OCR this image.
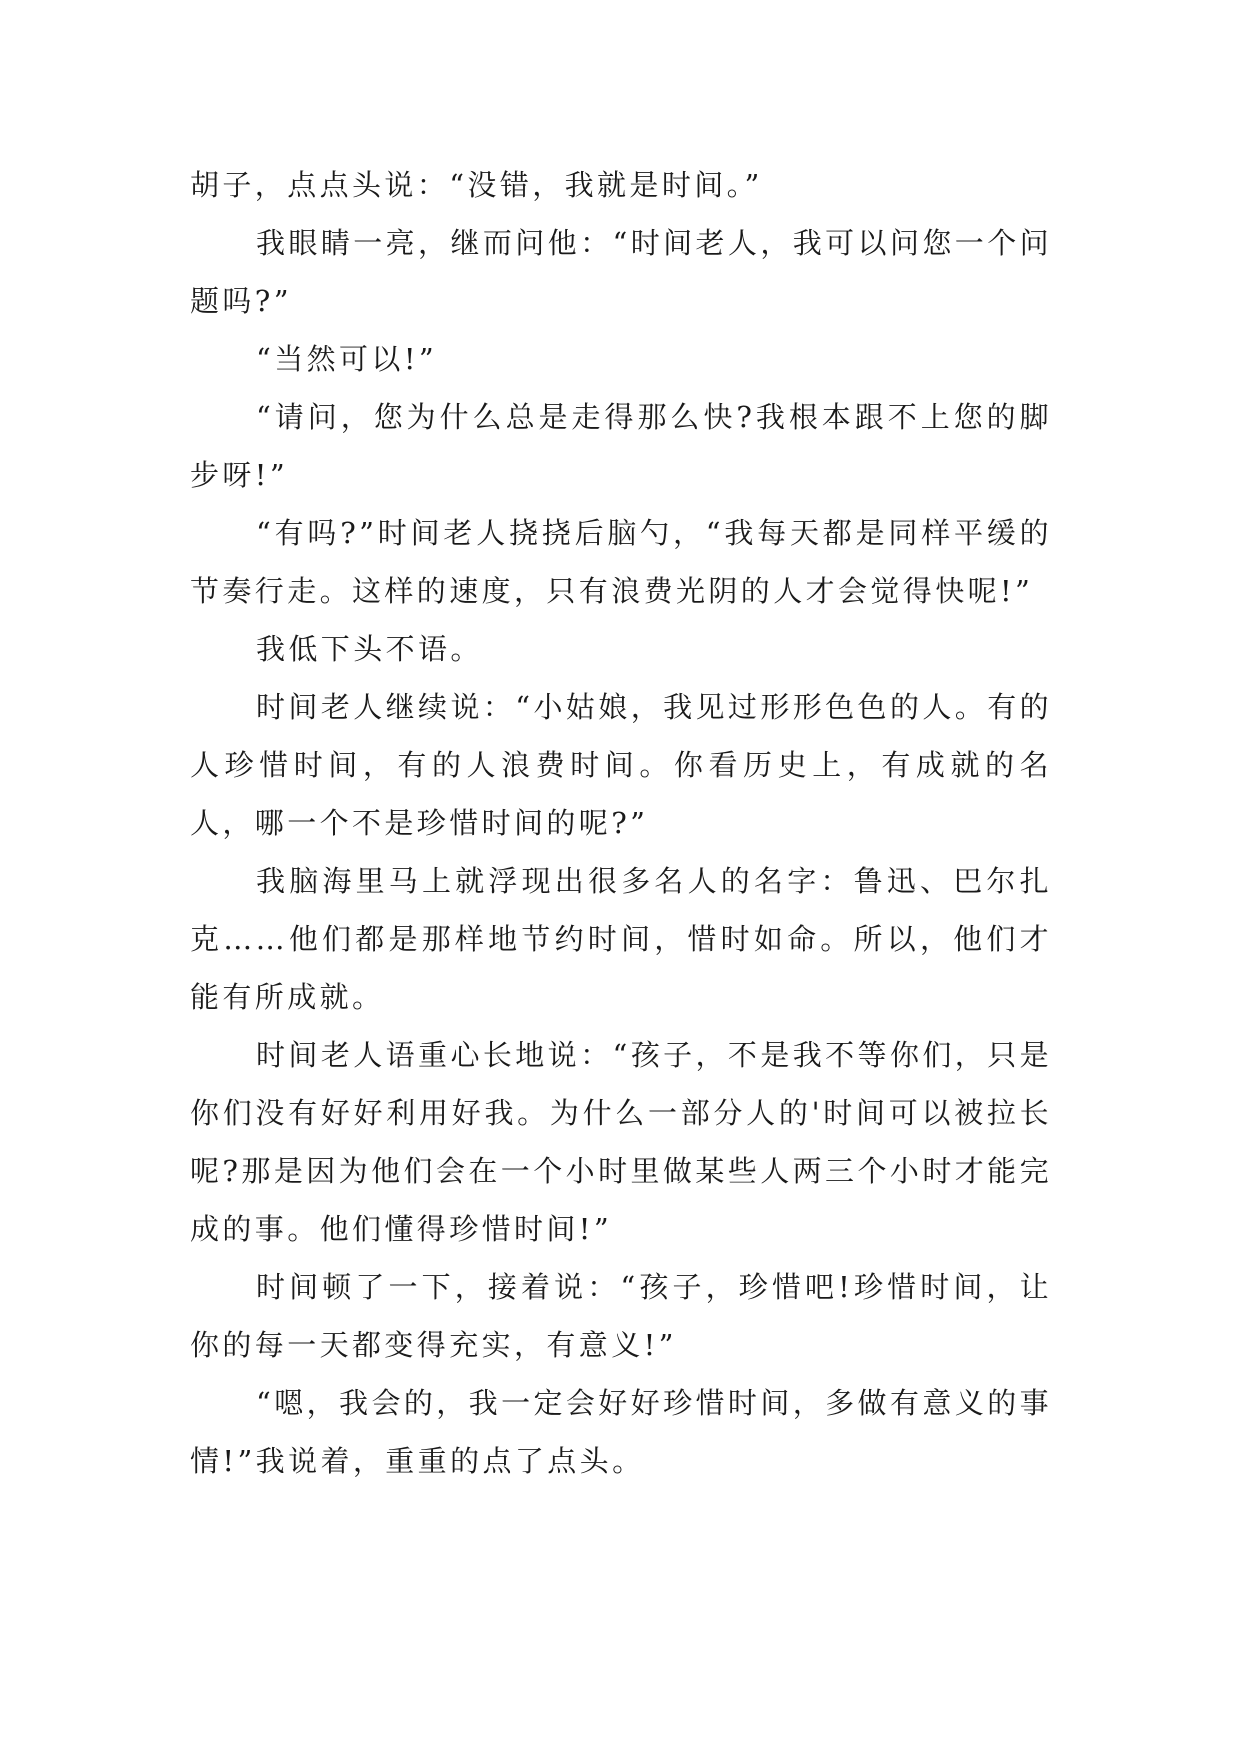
胡子，点点头说：“没错，我就是时间。”

我眼睛一亮，继而问他：“时间老人，我可以问您一个问题吗?”

“当然可以!”

“请问，您为什么总是走得那么快?我根本跟不上您的脚步呀!”

“有吗?”时间老人挠挠后脑勺，“我每天都是同样平缓的节奏行走。这样的速度，只有浪费光阴的人才会觉得快呢!”

我低下头不语。

时间老人继续说：“小姑娘，我见过形形色色的人。有的人珍惜时间，有的人浪费时间。你看历史上，有成就的名人，哪一个不是珍惜时间的呢?”

我脑海里马上就浮现出很多名人的名字：鲁迅、巴尔扎克……他们都是那样地节约时间，惜时如命。所以，他们才能有所成就。

时间老人语重心长地说：“孩子，不是我不等你们，只是你们没有好好利用好我。为什么一部分人的'时间可以被拉长呢?那是因为他们会在一个小时里做某些人两三个小时才能完成的事。他们懂得珍惜时间!”

时间顿了一下，接着说：“孩子，珍惜吧!珍惜时间，让你的每一天都变得充实，有意义!”

“嗯，我会的，我一定会好好珍惜时间，多做有意义的事情!”我说着，重重的点了点头。
